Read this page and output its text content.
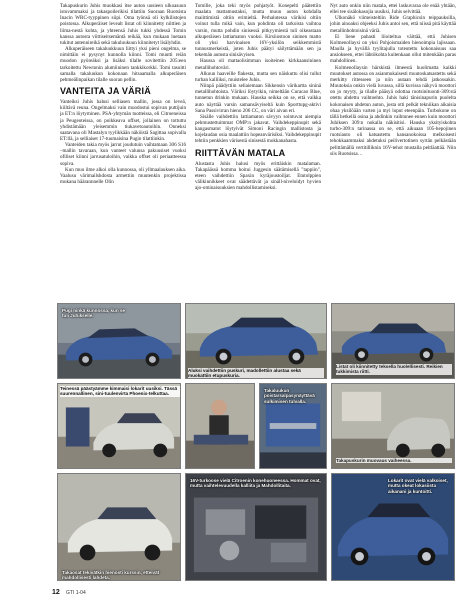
Takapuskurin Juhis muokkasi itse auton uusieen ulkoasuun istuvammaksi ja takaspoilerikisi tilattiin Suoraan Ruotsista Inacin WRC-tyyppinen siipi. Oma työnsä oli kylkilistojen poistossa. Alkuperäiset levealt listat oli kiinnitetty niittien ja liima-nestä kohta, ja yhteensä Juhis tukki yhdessä Tomin kanssa autosta viittiseitsemäntä reikää, kun mukaan luetaan tukitut antennireikä sekä takuluukuun kiinnitetyt lisälyhdin.

Alkuperäiseen takaluukkuun liittyi yksi pieni ongelma, se nimittäin ei pysynyt kunnolla kiinni. Tomi muutti reiän muodon pyöreäksi ja lisäksi tilalle sovitettiin 205:een tarkoitettu Newtonin alumiininen tankkikorkki. Tomi tasoitti samalla takaluukun kokonaan hitsaamalla alkuperäisen pehmeälinpaikan tilalle suoran pellin.

VANTEITA JA VÄRIÄ

Vanteiksi Juhis halusi selliasen mallin, jossa on leveä, kiiltävä reuna. Ongelmaksi vain muodostui sopivan puttijuin ja ET:n löytyminen. PSA-yhtymän tuotteissa, eli Citroeneissa ja Peugeoteissa, on poikkeava offset, jollainen on tottuttu yhdistämään yleisemmin tiukavetoautoihin. Onneksi saatavana oli Mastalyn tyylikkään näköistä Sagittaa sopivalla ET:llä, ja selliaiset 17-tuumaisina Pugin tilattiinkin.

Vanteiden takia myös jarrut joudutuin vaihtamaan 306 S16 –mallin tavaraan, kun vanteet valunsa pakuusiset vuoksi ofiliset kiinni jarrusatuloihin, vaikka offset oli periaatteessa sopiva.

Kun muu ilme alkoi olla kunnossa, oli yllmaalauksen aika. Vaalusu värimailshdosta armettiin muutenkin projektissa mukana häärannnelle Olin

Tomille, joka teki myös pohjatyöt. Konepelti päätettiin maalata mattamustaksi, mutta muun auton kohdalla maiittimistä oltiin erimieltä. Perhalutessa värikisi oltiin voinut tulla mikä vain, kun pohdinta oli tarkoista vaihtoa varsin, mutta pohdin sinisessä pitkyymiestä tuli oikeastaan alkuperäisen lattiamaton vuoksi. Kirsiiostoon sininen matto oli yksi harvinaisen 16V-yksilön seikkemmistä tunnusmerkeistä, joten Juhis päätyi säilyttämään sen ja tekemän autosta sinisävyisen.

Haussa oli mattaolisimman isoiteinen kirkkaansininen metallihohtoväri.

Alkuun haaveille flakesta, mutta sen näiskuttu olisi tullut turhan kalliiksi, muistelee Juhis.

Niinpä päädyttiin seliaiemaan Sikkensin värikartta sininä metallihohtoista. Väriksi löytyikin, nimeltään Curacao Blue, tunnetun drinkin mukaan. Hauska seikka on se, että vaikka auto näyttää varsin samansävyiseltä kuin Sporttupg-aktivi Sana Passivirran hieno 206 CC, on väri aivan eri.

Sisälle vaihdettiin lattiamaton sävyyn sointuvat aiempia pehmustettuimmat OMP:n jakavat. Vaihdekeppinupit sekä kangasmatot löytyivät Simoni Racingin mallistosta ja kojelaudan osia maalattiin hopeanvärisiksi. Vaihdekeppinupit tehtiin penkkien värisestä sinisestä mokkanahasta.

RIITTÄVÄN MATALA

Alustasta Juhis halusi myös erittäiskin matalaman. Takapäässä homma hoitui Juggesin säätämisellä "tappiin", eteen vaihdettiin Spaxin kyräjoustoiljat. Etutolppien välikinnikkeet ovat säädettävät ja sinäll-niveloidyt hyvien ajo-ominaisuuksien mahdollistamiseksi.

Nyt auto onkin niin matala, ettei laskuvaraa ole enää yhtään, ellei tee sisälokasojia uusiksi, Juhis selvittää.

Ulkonäkö viimeisteltiin Ride Graphicsin teippauksilla, johin ainoaksi ohjeeksi Juhis antoi sen, että niissä pitä käyttää metallinhohtoisinä väriä.

Ei liene pahasti liioiteltua väittää, että Juhisen Kolmenollaysi on yksi Pohjoismaiden hienoimpia lajissaan. Maulla ja hyvällä tyylitajulla toteutettu kokonaisuus saa ansiokseen, ettei lähtökohta kuitenkaan ollut mitenkään paras mahdollinen.

Kolmenollaysin härskistä ilmeestä huolimatta kaikki muutokset autossa on asianmukaisesti muutoskatsastettu sekä merkitty rittesseen ja niin autaan tehdä jatkossakin. Muutoksia onkin vielä luvassa, sillä kuvissa näkyvä moottori on jo myyty, ja tilalle pääsyä odottaa ruotsinituonti-309:stä otettu ahdettu vaihtoehto. Juhis haki tänisinapurin puolelta kokonaisen ahdetun auton, josta otti pelkät tekniikan aikaisia ohaa yksilöään varten ja myi loput eteenpäin. Turbokone on tällä hetkellä osina ja ahdinkin vaihtunee ennen kuin moottori Juhiksen 309:n nokalla näkisitisi. Hauska yksityiskohta turbo-309:n tarinassa on se, että aikuaan 105-hepojinen ruotsiauto oli katsastettu kansanokoissa melkoisesti tehokkaammaksi ahdetuksi peilivertotinen syrtän pelkästään pelittämällä vertitilliknin 16V-tehot mustalla peltläattää. Niin siis Ruotsissa…

Pugi ninkä kunnossa, kun se tuli Juhikselle.
Aluksi vaihdettiin puskuri, madollettiin alustaa sekä muokattiin etupuskuria.
Listat oli kiinnitetty teksella huolellisesti. Reikien tukkimista riitti.
Teinessä päästyämme kimmaisi lokarit uusiksi. Tässä suurennallinen, sini-tuulenvirta Phoenix-telkuttaa.
Takaluukun poistarsalpasynäyttävä sulkimisen tulvalla.
Takapuskurin muovaus vaiheessa.
Takaosat tekivätkin hienosti kurssin, etteivät mahdollisesti lahdeta.
16V-turkoose vielä Citroenin konehuoneessa. Hommat ovat, mutta vaihtelevuudella kalliita ja Mahdollitaita.
Lokarit ovat vielä valkoiset, mutta okeat lokasiista aikanani ja kuntoitti.
12 GTI 1-04
